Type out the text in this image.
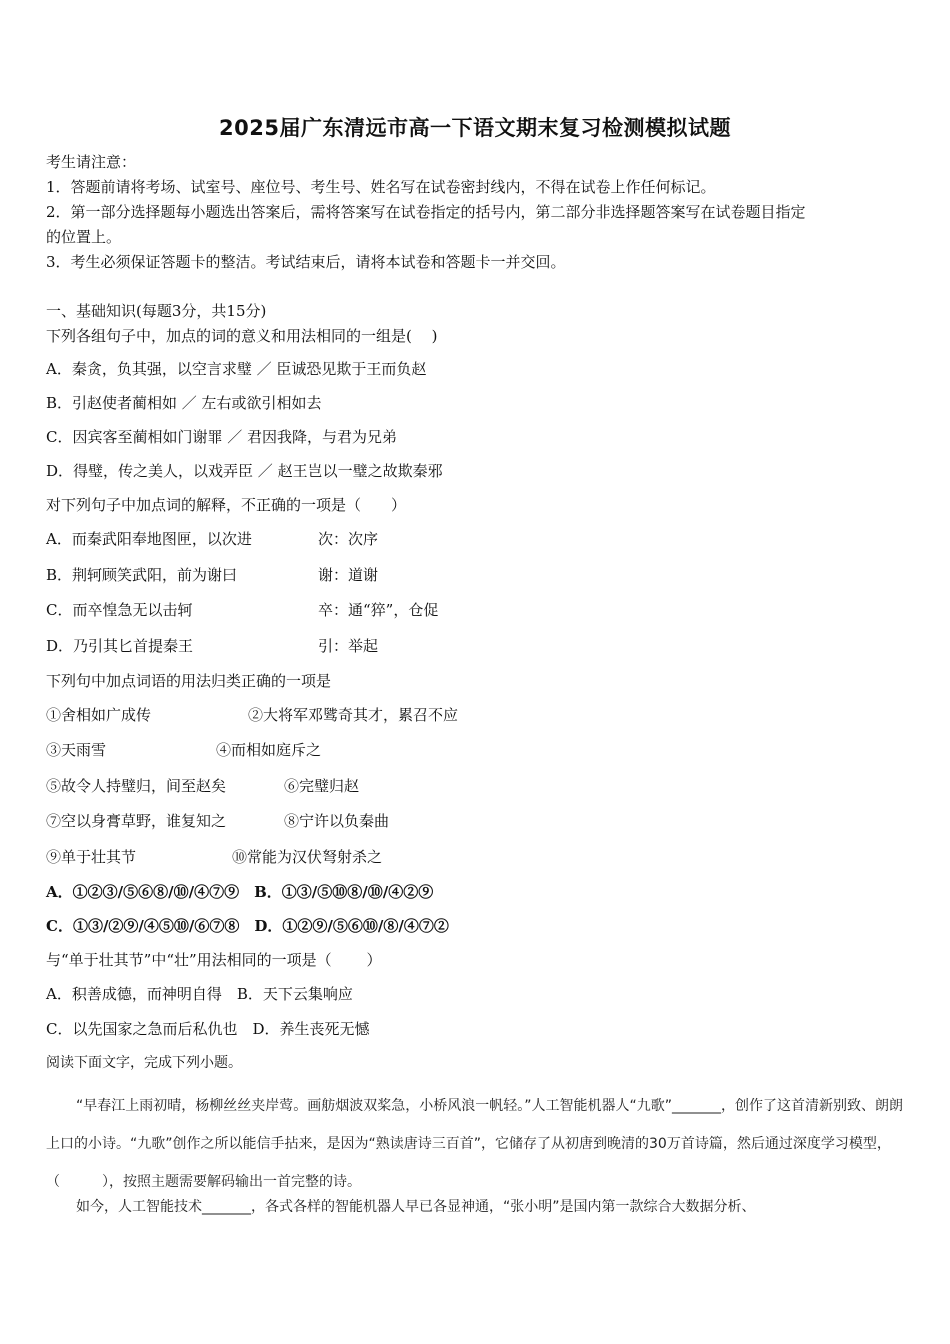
2025届广东清远市高一下语文期末复习检测模拟试题
考生请注意：
1．答题前请将考场、试室号、座位号、考生号、姓名写在试卷密封线内，不得在试卷上作任何标记。
2．第一部分选择题每小题选出答案后，需将答案写在试卷指定的括号内，第二部分非选择题答案写在试卷题目指定
的位置上。
3．考生必须保证答题卡的整洁。考试结束后，请将本试卷和答题卡一并交回。
一、基础知识(每题3分，共15分)
下列各组句子中，加点的词的意义和用法相同的一组是(　 )
A．秦贪，负其强，以空言求璧 ／ 臣诚恐见欺于王而负赵
B．引赵使者蔺相如 ／ 左右或欲引相如去
C．因宾客至蔺相如门谢罪 ／ 君因我降，与君为兄弟
D．得璧，传之美人，以戏弄臣 ／ 赵王岂以一璧之故欺秦邪
对下列句子中加点词的解释，不正确的一项是（　　）
A．而秦武阳奉地图匣，以次进	次：次序
B．荆轲顾笑武阳，前为谢曰	谢：道谢
C．而卒惶急无以击轲	卒：通“猝”，仓促
D．乃引其匕首提秦王	引：举起
下列句中加点词语的用法归类正确的一项是
①舍相如广成传	②大将军邓骘奇其才，累召不应
③天雨雪	④而相如庭斥之
⑤故令人持璧归，间至赵矣	⑥完璧归赵
⑦空以身膏草野，谁复知之	⑧宁许以负秦曲
⑨单于壮其节	⑩常能为汉伏弩射杀之
A．①②③/⑤⑥⑧/⑩/④⑦⑨　B．①③/⑤⑩⑧/⑩/④②⑨
C．①③/②⑨/④⑤⑩/⑥⑦⑧　D．①②⑨/⑤⑥⑩/⑧/④⑦②
与“单于壮其节”中“壮”用法相同的一项是（　　 ）
A．积善成德，而神明自得　B．天下云集响应
C．以先国家之急而后私仇也　D．养生丧死无憾
阅读下面文字，完成下列小题。
“早春江上雨初晴，杨柳丝丝夹岸莺。画舫烟波双桨急，小桥风浪一帆轻。”人工智能机器人“九歌”_______，创作了这首清新别致、朗朗上口的小诗。“九歌”创作之所以能信手拈来，是因为“熟读唐诗三百首”，它储存了从初唐到晚清的30万首诗篇，然后通过深度学习模型，（　　　），按照主题需要解码输出一首完整的诗。
如今，人工智能技术_______，各式各样的智能机器人早已各显神通，“张小明”是国内第一款综合大数据分析、
